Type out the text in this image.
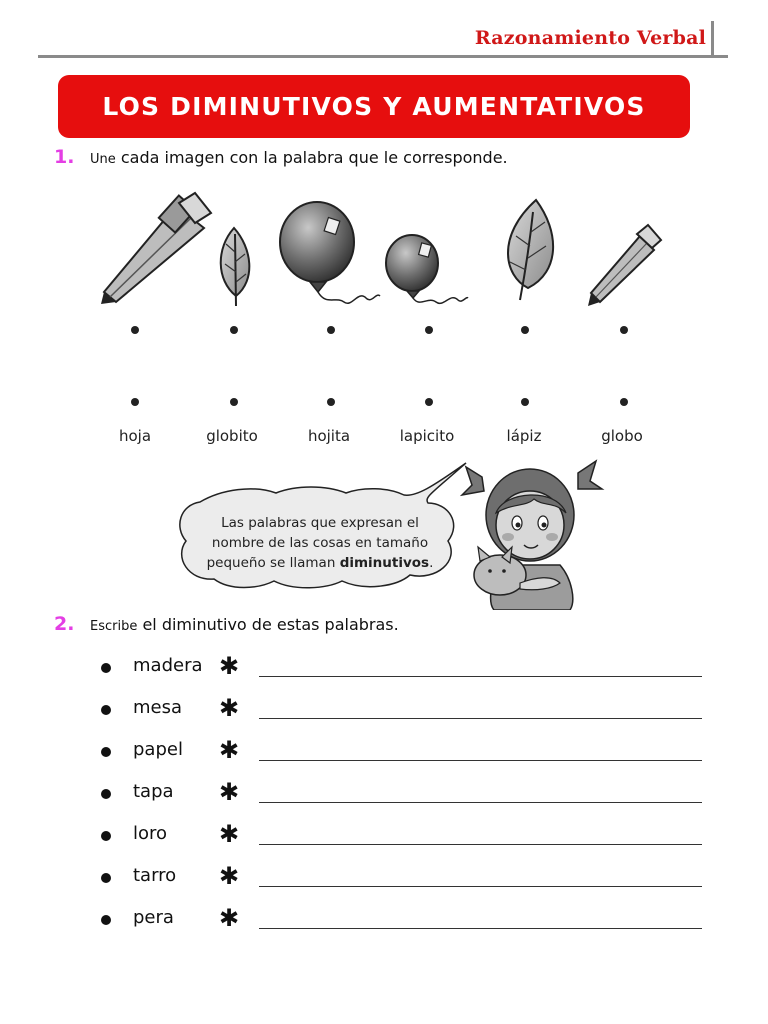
Razonamiento Verbal
LOS DIMINUTIVOS Y AUMENTATIVOS
1. Une cada imagen con la palabra que le corresponde.
hoja	globito	hojita	lapicito	lápiz	globo
Las palabras que expresan el
nombre de las cosas en tamaño
pequeño se llaman diminutivos.
2. Escribe el diminutivo de estas palabras.
madera ✱
mesa ✱
papel ✱
tapa ✱
loro ✱
tarro ✱
pera ✱
